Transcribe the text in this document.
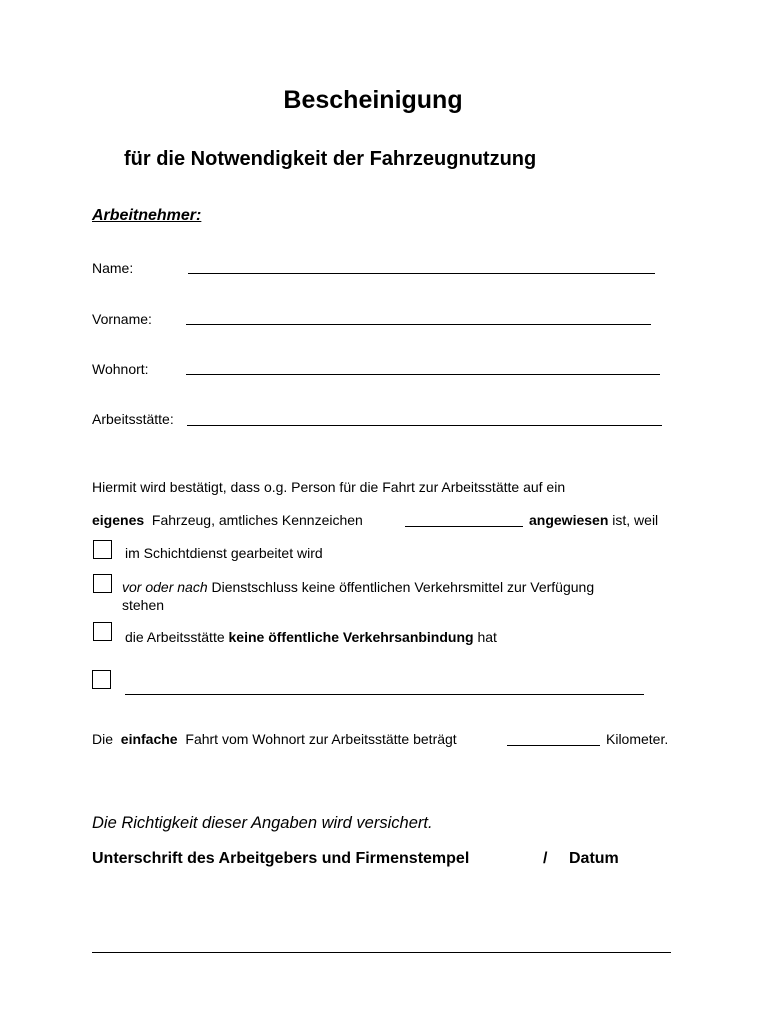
Bescheinigung
für die Notwendigkeit der Fahrzeugnutzung
Arbeitnehmer:
Name:
Vorname:
Wohnort:
Arbeitsstätte:
Hiermit wird bestätigt, dass o.g. Person für die Fahrt zur Arbeitsstätte auf ein
eigenes Fahrzeug, amtliches Kennzeichen	angewiesen ist, weil
im Schichtdienst gearbeitet wird
vor oder nach Dienstschluss keine öffentlichen Verkehrsmittel zur Verfügung
stehen
die Arbeitsstätte keine öffentliche Verkehrsanbindung hat
Die einfache Fahrt vom Wohnort zur Arbeitsstätte beträgt	Kilometer.
Die Richtigkeit dieser Angaben wird versichert.
Unterschrift des Arbeitgebers und Firmenstempel	/ Datum
